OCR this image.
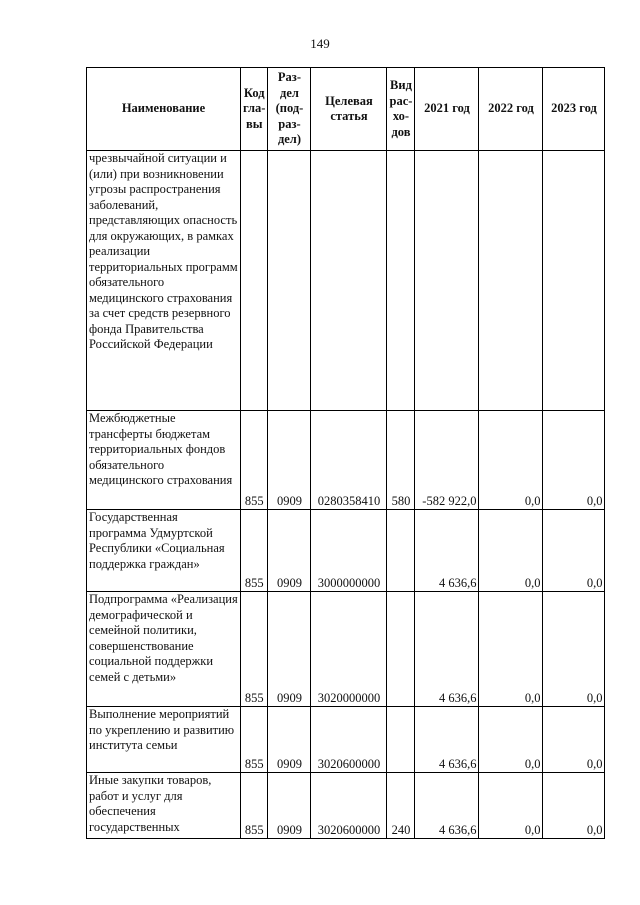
149
Наименование	Код гла- вы	Раз- дел (под- раз- дел)	Целевая статья	Вид рас- хо- дов	2021 год	2022 год	2023 год
чрезвычайной ситуации и (или) при возникновении угрозы распространения заболеваний, представляющих опасность для окружающих, в рамках реализации территориальных программ обязательного медицинского страхования за счет средств резервного фонда Правительства Российской Федерации							
Межбюджетные трансферты бюджетам территориальных фондов обязательного медицинского страхования	855	0909	0280358410	580	-582 922,0	0,0	0,0
Государственная программа Удмуртской Республики «Социальная поддержка граждан»	855	0909	3000000000		4 636,6	0,0	0,0
Подпрограмма «Реализация демографической и семейной политики, совершенствование социальной поддержки семей с детьми»	855	0909	3020000000		4 636,6	0,0	0,0
Выполнение мероприятий по укреплению и развитию института семьи	855	0909	3020600000		4 636,6	0,0	0,0
Иные закупки товаров, работ и услуг для обеспечения государственных	855	0909	3020600000	240	4 636,6	0,0	0,0
